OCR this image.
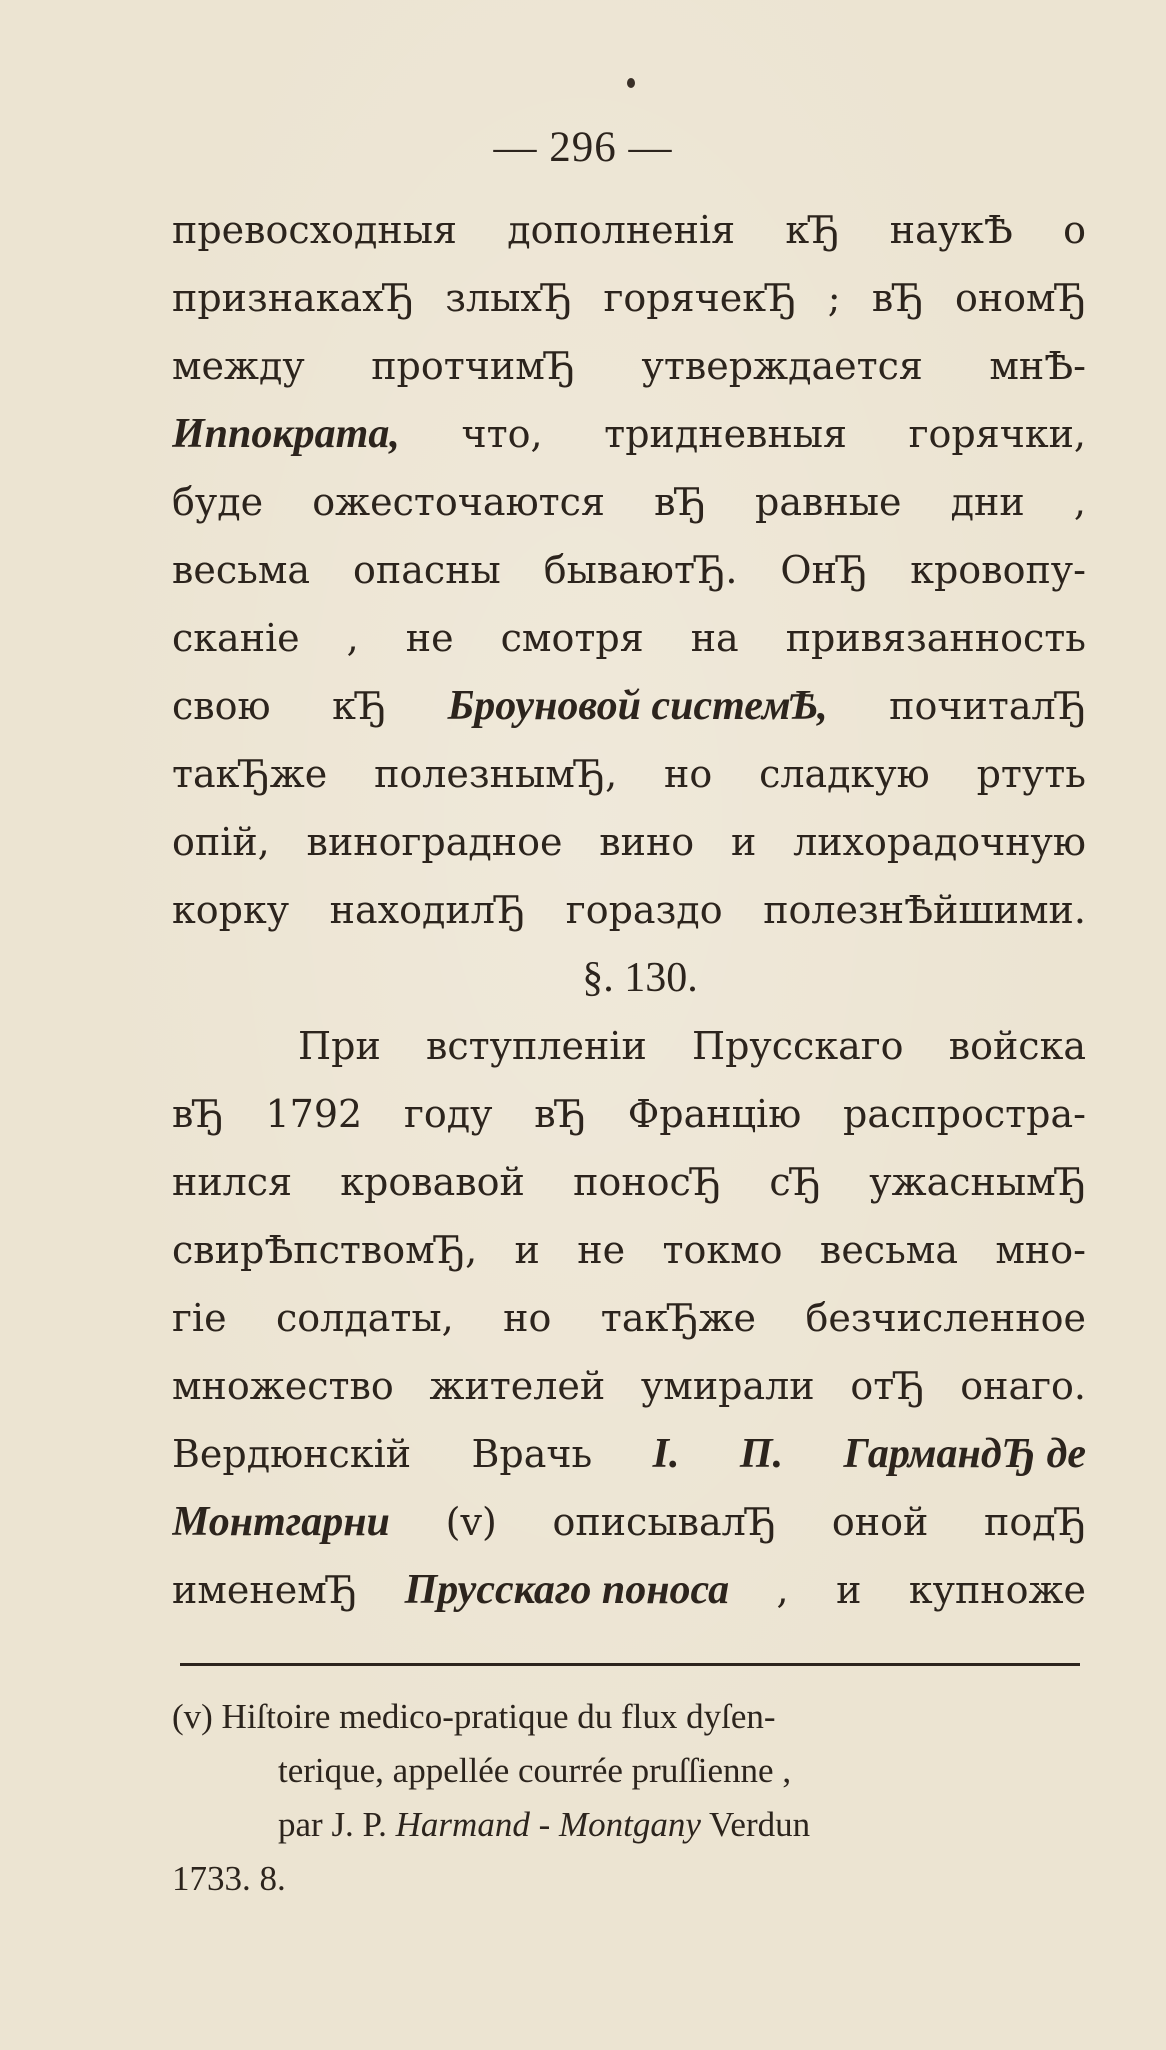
— 296 —
превосходныя дополненія кЂ наукѢ о
признакахЂ злыхЂ горячекЂ ; вЂ ономЂ
между протчимЂ утверждается мнѢ-
Иппократа, что, тридневныя горячки,
буде ожесточаются вЂ равные дни ,
весьма опасны бываютЂ. ОнЂ кровопу-
сканіе , не смотря на привязанность
свою кЂ Броуновой системѢ, почиталЂ
такЂже полезнымЂ, но сладкую ртуть
опій, виноградное вино и лихорадочную
корку находилЂ гораздо полезнѢйшими.
§. 130.
При вступленіи Прусскаго войска
вЂ 1792 году вЂ Францію распростра-
нился кровавой поносЂ сЂ ужаснымЂ
свирѢпствомЂ, и не токмо весьма мно-
гіе солдаты, но такЂже безчисленное
множество жителей умирали отЂ онаго.
Вердюнскій Врачь І. П. ГармандЂ де
Монтгарни (v) описывалЂ оной подЂ
именемЂ Прусскаго поноса , и купноже
(v) Hiſtoire medico-pratique du flux dyſen-
terique, appellée courrée pruſſienne ,
par J. P. Harmand - Montgany Verdun
1733. 8.
